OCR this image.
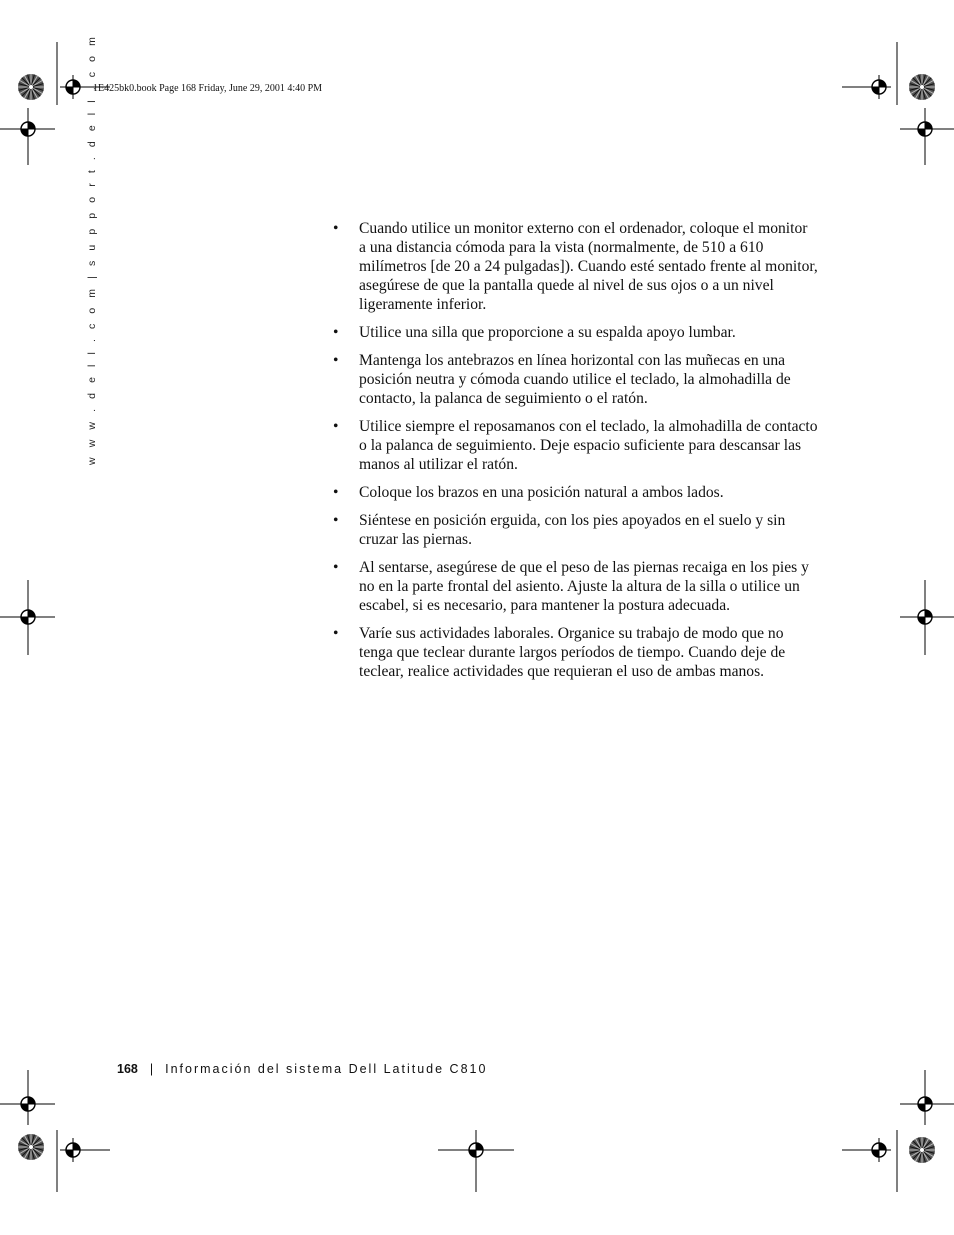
1E425bk0.book Page 168 Friday, June 29, 2001 4:40 PM
w w w . d e l l . c o m | s u p p o r t . d e l l . c o m	• Cuando utilice un monitor externo con el ordenador, coloque el monitor a una distancia cómoda para la vista (normalmente, de 510 a 610 milímetros [de 20 a 24 pulgadas]). Cuando esté sentado frente al monitor, asegúrese de que la pantalla quede al nivel de sus ojos o a un nivel ligeramente inferior.
• Utilice una silla que proporcione a su espalda apoyo lumbar.
• Mantenga los antebrazos en línea horizontal con las muñecas en una posición neutra y cómoda cuando utilice el teclado, la almohadilla de contacto, la palanca de seguimiento o el ratón.
• Utilice siempre el reposamanos con el teclado, la almohadilla de contacto o la palanca de seguimiento. Deje espacio suficiente para descansar las manos al utilizar el ratón.
• Coloque los brazos en una posición natural a ambos lados.
• Siéntese en posición erguida, con los pies apoyados en el suelo y sin cruzar las piernas.
• Al sentarse, asegúrese de que el peso de las piernas recaiga en los pies y no en la parte frontal del asiento. Ajuste la altura de la silla o utilice un escabel, si es necesario, para mantener la postura adecuada.
• Varíe sus actividades laborales. Organice su trabajo de modo que no tenga que teclear durante largos períodos de tiempo. Cuando deje de teclear, realice actividades que requieran el uso de ambas manos.
168 | Información del sistema Dell Latitude C810
